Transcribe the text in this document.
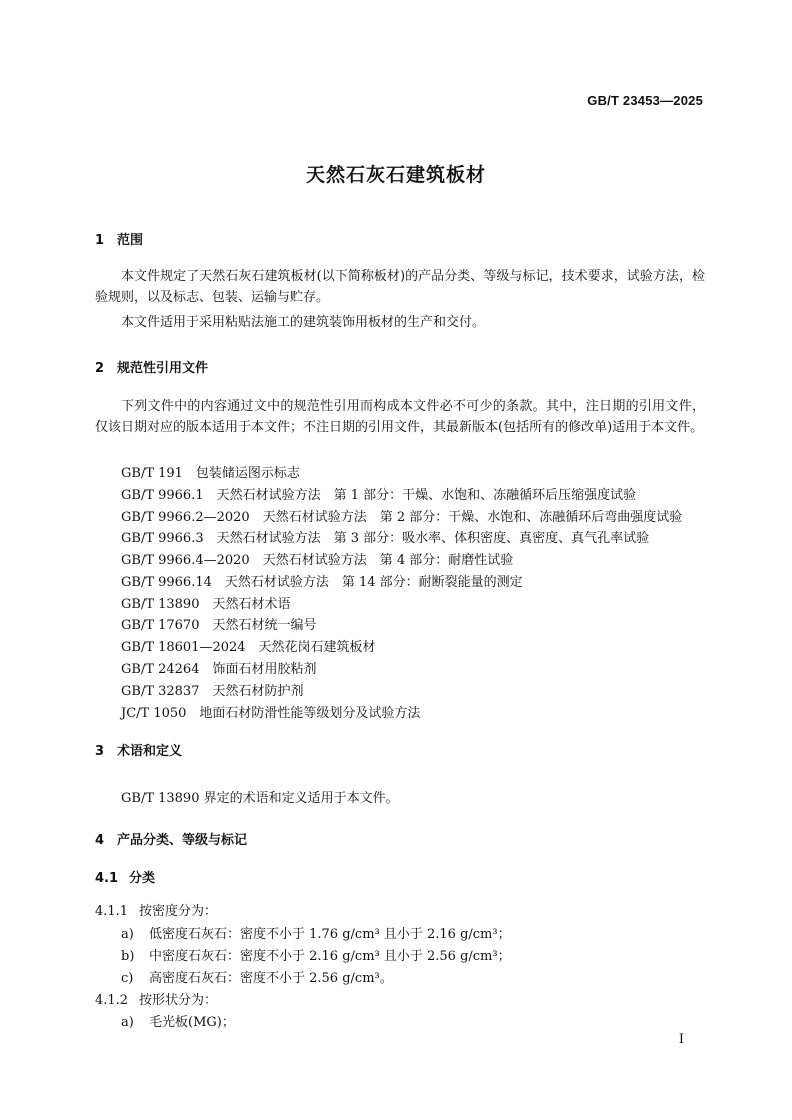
GB/T 23453—2025
天然石灰石建筑板材
1 范围
本文件规定了天然石灰石建筑板材(以下简称板材)的产品分类、等级与标记，技术要求，试验方法，检验规则，以及标志、包装、运输与贮存。
本文件适用于采用粘贴法施工的建筑装饰用板材的生产和交付。
2 规范性引用文件
下列文件中的内容通过文中的规范性引用而构成本文件必不可少的条款。其中，注日期的引用文件，仅该日期对应的版本适用于本文件；不注日期的引用文件，其最新版本(包括所有的修改单)适用于本文件。
GB/T 191　包装储运图示标志
GB/T 9966.1　天然石材试验方法　第 1 部分：干燥、水饱和、冻融循环后压缩强度试验
GB/T 9966.2—2020　天然石材试验方法　第 2 部分：干燥、水饱和、冻融循环后弯曲强度试验
GB/T 9966.3　天然石材试验方法　第 3 部分：吸水率、体积密度、真密度、真气孔率试验
GB/T 9966.4—2020　天然石材试验方法　第 4 部分：耐磨性试验
GB/T 9966.14　天然石材试验方法　第 14 部分：耐断裂能量的测定
GB/T 13890　天然石材术语
GB/T 17670　天然石材统一编号
GB/T 18601—2024　天然花岗石建筑板材
GB/T 24264　饰面石材用胶粘剂
GB/T 32837　天然石材防护剂
JC/T 1050　地面石材防滑性能等级划分及试验方法
3 术语和定义
GB/T 13890 界定的术语和定义适用于本文件。
4 产品分类、等级与标记
4.1 分类
4.1.1 按密度分为：
a) 低密度石灰石：密度不小于 1.76 g/cm³ 且小于 2.16 g/cm³；
b) 中密度石灰石：密度不小于 2.16 g/cm³ 且小于 2.56 g/cm³；
c) 高密度石灰石：密度不小于 2.56 g/cm³。
4.1.2 按形状分为：
a) 毛光板(MG)；
I
